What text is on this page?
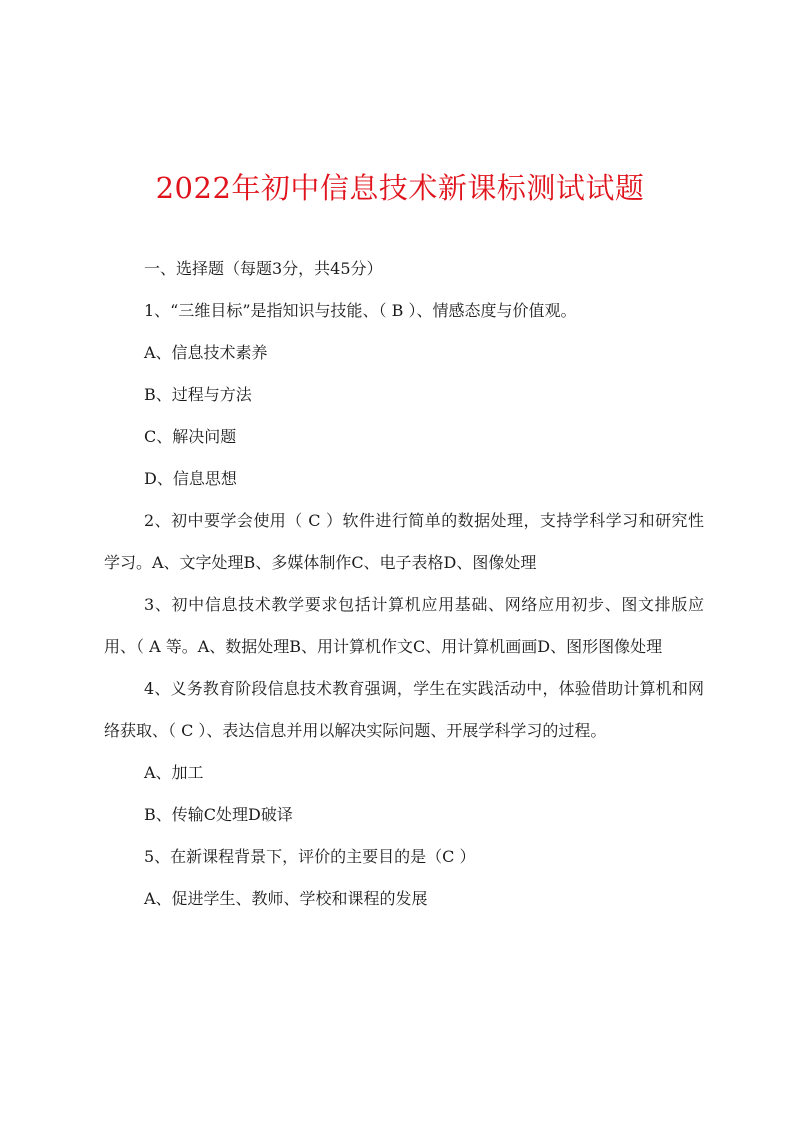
2022年初中信息技术新课标测试试题

一、选择题（每题3分，共45分）

1、“三维目标”是指知识与技能、（ B ）、情感态度与价值观。

A、信息技术素养

B、过程与方法

C、解决问题

D、信息思想

2、初中要学会使用（ C ）软件进行简单的数据处理，支持学科学习和研究性学习。A、文字处理B、多媒体制作C、电子表格D、图像处理

3、初中信息技术教学要求包括计算机应用基础、网络应用初步、图文排版应用、（ A 等。A、数据处理B、用计算机作文C、用计算机画画D、图形图像处理

4、义务教育阶段信息技术教育强调，学生在实践活动中，体验借助计算机和网络获取、（ C ）、表达信息并用以解决实际问题、开展学科学习的过程。

A、加工

B、传输C处理D破译

5、在新课程背景下，评价的主要目的是（C ）

A、促进学生、教师、学校和课程的发展
